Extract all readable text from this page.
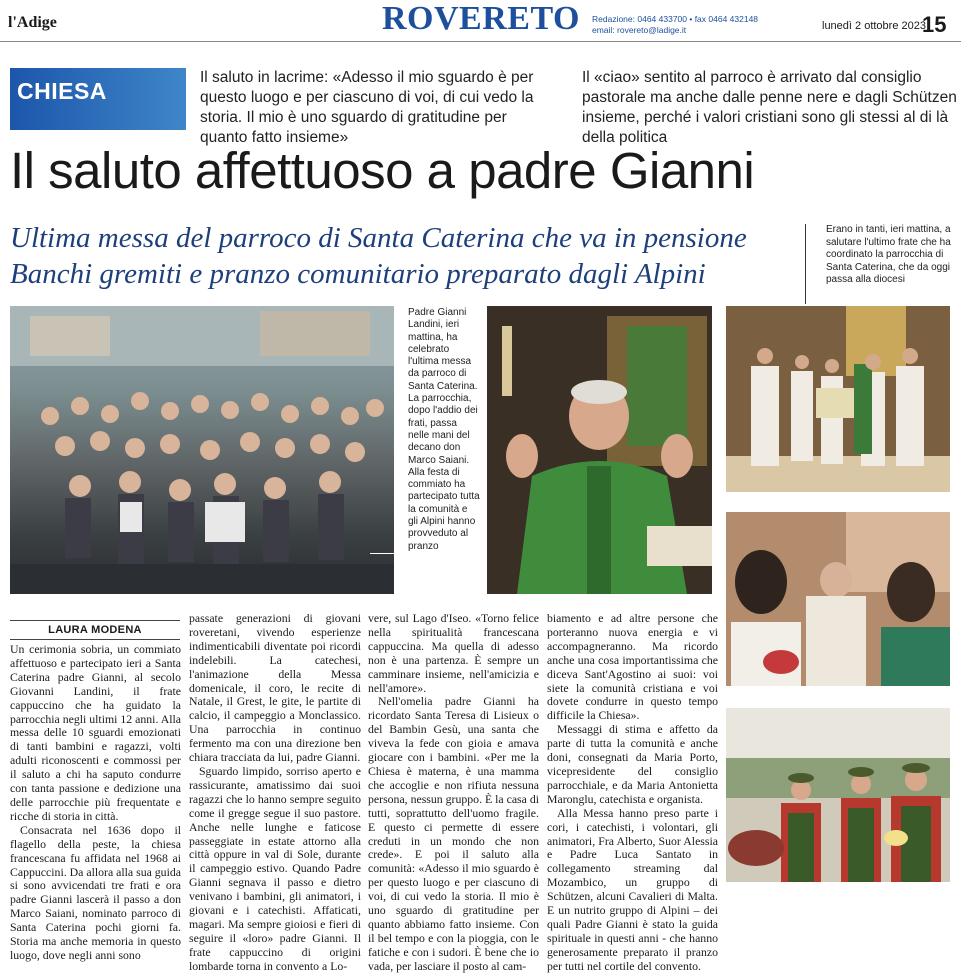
l'Adige	ROVERETO Redazione: 0464 433700 • fax 0464 432148
email: rovereto@ladige.it	lunedì 2 ottobre 2023
15
CHIESA
Il saluto in lacrime: «Adesso il mio sguardo è per questo luogo e per ciascuno di voi, di cui vedo la storia. Il mio è uno sguardo di gratitudine per quanto fatto insieme»
Il «ciao» sentito al parroco è arrivato dal consiglio pastorale ma anche dalle penne nere e dagli Schützen insieme, perché i valori cristiani sono gli stessi al di là della politica
Il saluto affettuoso a padre Gianni
Ultima messa del parroco di Santa Caterina che va in pensione
Banchi gremiti e pranzo comunitario preparato dagli Alpini
Erano in tanti, ieri mattina, a salutare l'ultimo frate che ha coordinato la parrocchia di Santa Caterina, che da oggi passa alla diocesi
Padre Gianni Landini, ieri mattina, ha celebrato l'ultima messa da parroco di Santa Caterina. La parrocchia, dopo l'addio dei frati, passa nelle mani del decano don Marco Saiani. Alla festa di commiato ha partecipato tutta la comunità e gli Alpini hanno provveduto al pranzo
LAURA MODENA

Un cerimonia sobria, un commiato affettuoso e partecipato ieri a Santa Caterina padre Gianni, al secolo Giovanni Landini, il frate cappuccino che ha guidato la parrocchia negli ultimi 12 anni. Alla messa delle 10 sguardi emozionati di tanti bambini e ragazzi, volti adulti riconoscenti e commossi per il saluto a chi ha saputo condurre con tanta passione e dedizione una delle parrocchie più frequentate e ricche di storia in città.

Consacrata nel 1636 dopo il flagello della peste, la chiesa francescana fu affidata nel 1968 ai Cappuccini. Da allora alla sua guida si sono avvicendati tre frati e ora padre Gianni lascerà il passo a don Marco Saiani, nominato parroco di Santa Caterina pochi giorni fa. Storia ma anche memoria in questo luogo, dove negli anni sono

passate generazioni di giovani roveretani, vivendo esperienze indimenticabili diventate poi ricordi indelebili. La catechesi, l'animazione della Messa domenicale, il coro, le recite di Natale, il Grest, le gite, le partite di calcio, il campeggio a Monclassico. Una parrocchia in continuo fermento ma con una direzione ben chiara tracciata da lui, padre Gianni.

Sguardo limpido, sorriso aperto e rassicurante, amatissimo dai suoi ragazzi che lo hanno sempre seguito come il gregge segue il suo pastore. Anche nelle lunghe e faticose passeggiate in estate attorno alla città oppure in val di Sole, durante il campeggio estivo. Quando Padre Gianni segnava il passo e dietro venivano i bambini, gli animatori, i giovani e i catechisti. Affaticati, magari. Ma sempre gioiosi e fieri di seguire il «loro» padre Gianni. Il frate cappuccino di origini lombarde torna in convento a Lo-

vere, sul Lago d'Iseo. «Torno felice nella spiritualità francescana cappuccina. Ma quella di adesso non è una partenza. È sempre un camminare insieme, nell'amicizia e nell'amore».

Nell'omelia padre Gianni ha ricordato Santa Teresa di Lisieux o del Bambin Gesù, una santa che viveva la fede con gioia e amava giocare con i bambini. «Per me la Chiesa è materna, è una mamma che accoglie e non rifiuta nessuna persona, nessun gruppo. È la casa di tutti, soprattutto dell'uomo fragile. E questo ci permette di essere creduti in un mondo che non crede». E poi il saluto alla comunità: «Adesso il mio sguardo è per questo luogo e per ciascuno di voi, di cui vedo la storia. Il mio è uno sguardo di gratitudine per quanto abbiamo fatto insieme. Con il bel tempo e con la pioggia, con le fatiche e con i sudori. È bene che io vada, per lasciare il posto al cam-

biamento e ad altre persone che porteranno nuova energia e vi accompagneranno. Ma ricordo anche una cosa importantissima che diceva Sant'Agostino ai suoi: voi siete la comunità cristiana e voi dovete condurre in questo tempo difficile la Chiesa».

Messaggi di stima e affetto da parte di tutta la comunità e anche doni, consegnati da Maria Porto, vicepresidente del consiglio parrocchiale, e da Maria Antonietta Maronglu, catechista e organista.

Alla Messa hanno preso parte i cori, i catechisti, i volontari, gli animatori, Fra Alberto, Suor Alessia e Padre Luca Santato in collegamento streaming dal Mozambico, un gruppo di Schützen, alcuni Cavalieri di Malta. E un nutrito gruppo di Alpini – dei quali Padre Gianni è stato la guida spirituale in questi anni - che hanno generosamente preparato il pranzo per tutti nel cortile del convento.
